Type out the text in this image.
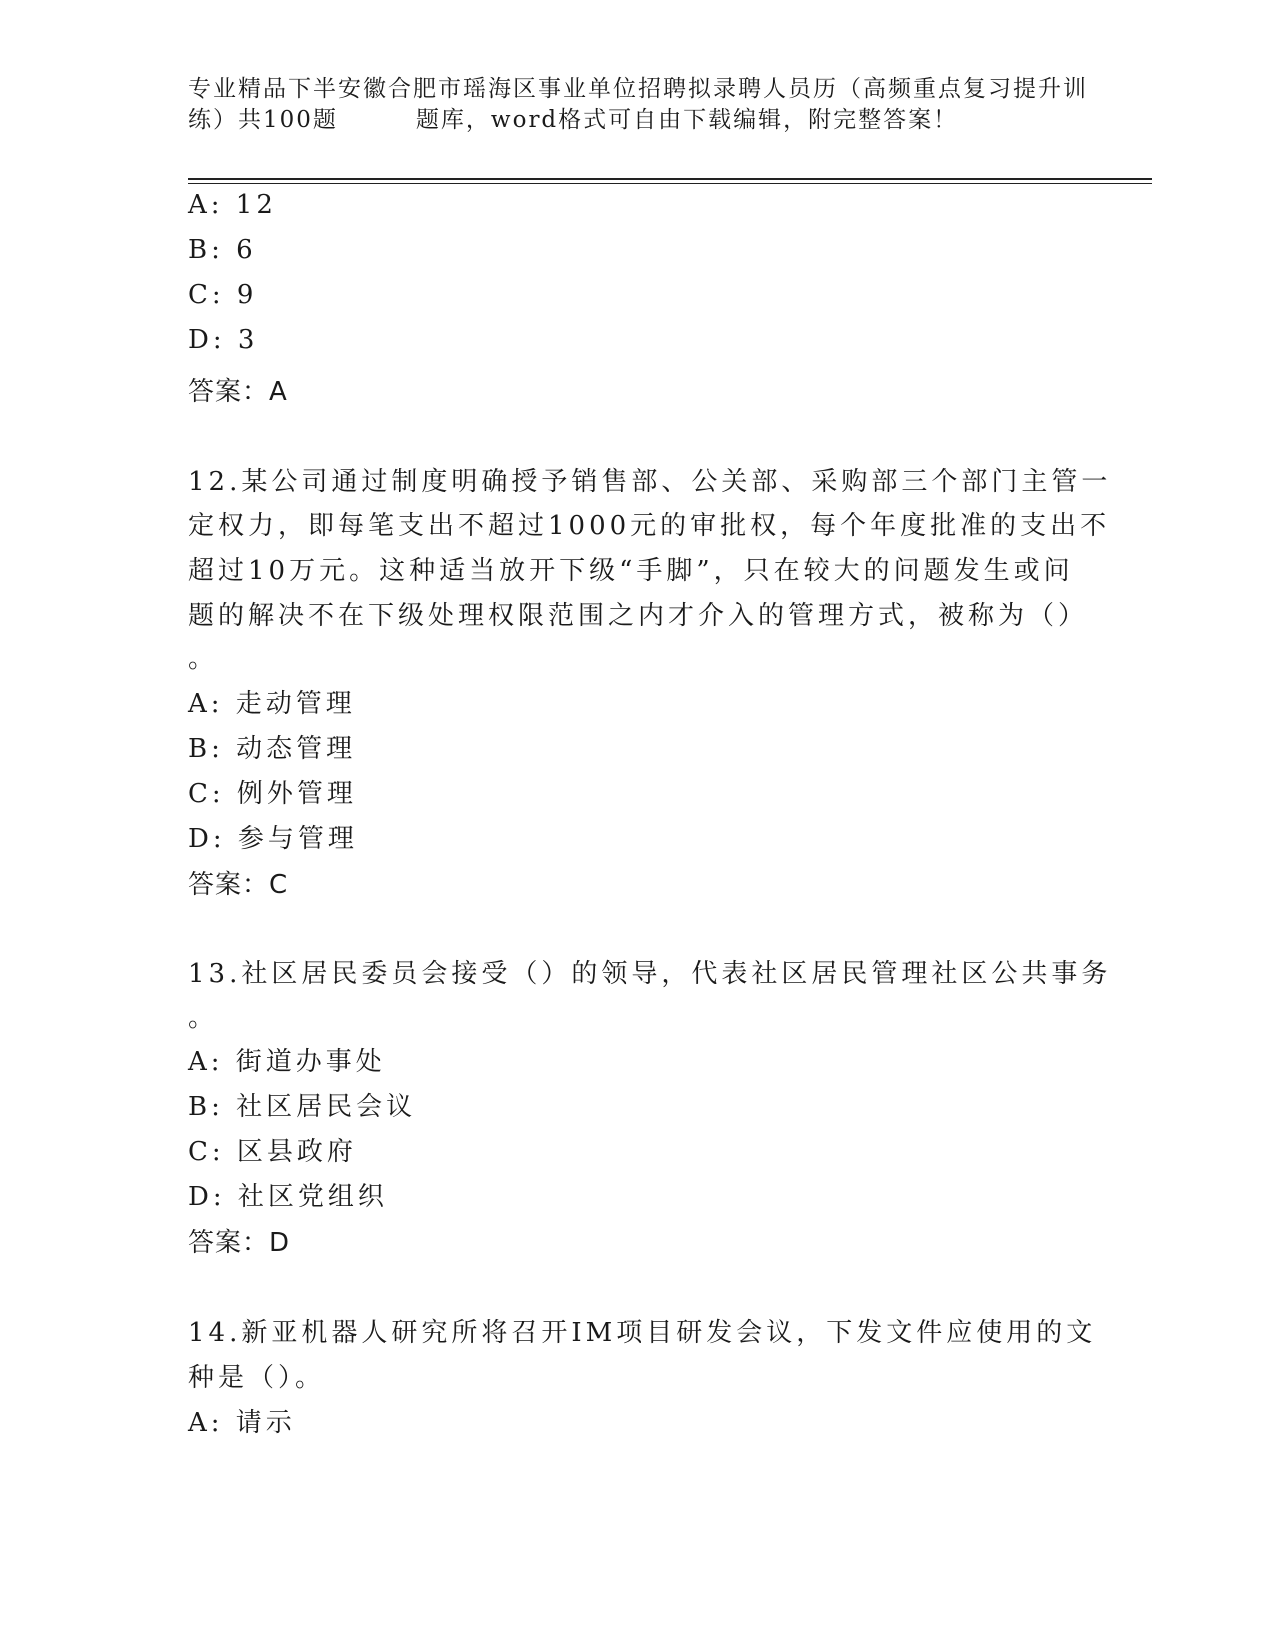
专业精品下半安徽合肥市瑶海区事业单位招聘拟录聘人员历（高频重点复习提升训
练）共100题	题库，word格式可自由下载编辑，附完整答案！
A: 12
B: 6
C: 9
D: 3
答案：A
12.某公司通过制度明确授予销售部、公关部、采购部三个部门主管一
定权力，即每笔支出不超过1000元的审批权，每个年度批准的支出不
超过10万元。这种适当放开下级“手脚”，只在较大的问题发生或问
题的解决不在下级处理权限范围之内才介入的管理方式，被称为（）
。
A: 走动管理
B: 动态管理
C: 例外管理
D: 参与管理
答案：C
13.社区居民委员会接受（）的领导，代表社区居民管理社区公共事务
。
A: 街道办事处
B: 社区居民会议
C: 区县政府
D: 社区党组织
答案：D
14.新亚机器人研究所将召开IM项目研发会议，下发文件应使用的文
种是（）。
A: 请示
